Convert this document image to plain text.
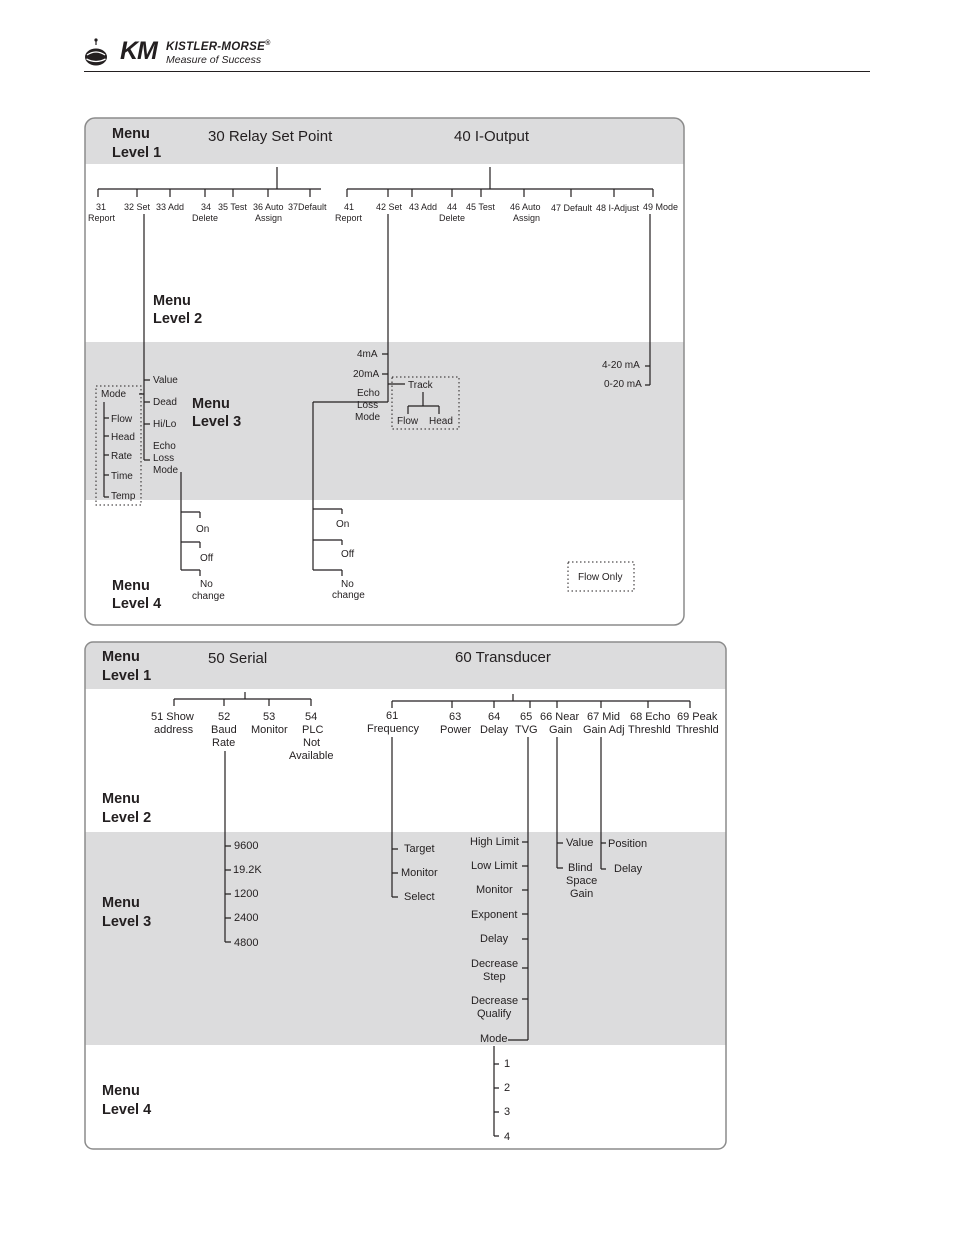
KM KISTLER-MORSE®
Measure of Success
Menu
Level 1
Menu
Level 2
Menu
Level 3
Menu
Level 4
30 Relay Set Point	40 I-Output
31
Report
32 Set 33 Add 34
Delete
35 Test 36 Auto
Assign
37Default 41
Report
42 Set 43 Add 44
Delete
45 Test 46 Auto
Assign
47 Default 48 I-Adjust 49 Mode
Value
Dead
Hi/Lo
Echo
Loss
Mode
Mode
Flow
Head
Rate
Time
Temp
On
Off
No
change
4mA
20mA
Echo
Loss
Mode
Track
Flow Head
On
Off
No
change
4-20 mA
0-20 mA
Flow Only
Menu
Level 1
Menu
Level 2
Menu
Level 3
Menu
Level 4
50 Serial	60 Transducer
51 Show
address
52
Baud
Rate
53
Monitor
54
PLC
Not
Available
9600
19.2K
1200
2400
4800
61
Frequency
63
Power
64
Delay
65
TVG
66 Near
Gain
67 Mid
Gain Adj
68 Echo
Threshld
69 Peak
Threshld
Target
Monitor
Select
High Limit
Low Limit
Monitor
Exponent
Delay
Decrease
Step
Decrease
Qualify
Mode
1
2
3
4
Value
Blind
Space
Gain
Position
Delay
